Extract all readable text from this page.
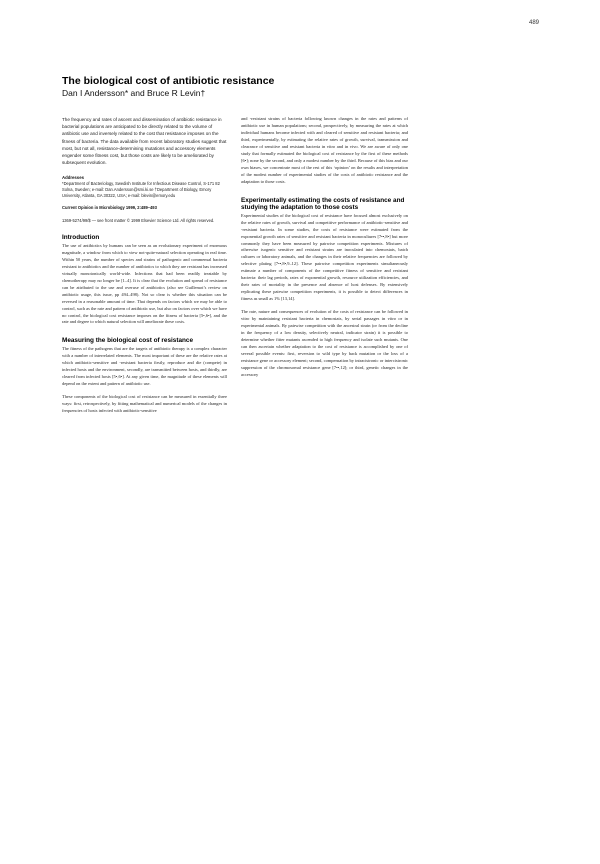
489
The biological cost of antibiotic resistance

Dan I Andersson* and Bruce R Levin†

The frequency and rates of ascent and dissemination of antibiotic resistance in bacterial populations are anticipated to be directly related to the volume of antibiotic use and inversely related to the cost that resistance imposes on the fitness of bacteria. The data available from recent laboratory studies suggest that most, but not all, resistance-determining mutations and accessory elements engender some fitness cost, but those costs are likely to be ameliorated by subsequent evolution.

Addresses

*Department of Bacteriology, Swedish Institute for Infectious Disease Control, S-171 82 Solna, Sweden; e-mail: Dan.Andersson@smi.ki.se †Department of Biology, Emory University, Atlanta, GA 30322, USA; e-mail: blevin@emory.edu

Current Opinion in Microbiology 1999, 2:489–493

1369-5274/99/$ — see front matter © 1999 Elsevier Science Ltd. All rights reserved.

Introduction

The use of antibiotics by humans can be seen as an evolutionary experiment of enormous magnitude, a window from which to view not-quite-natural selection operating in real time. Within 50 years, the number of species and strains of pathogenic and commensal bacteria resistant to antibiotics and the number of antibiotics to which they are resistant has increased virtually monotonically world-wide. Infections that had been readily treatable by chemotherapy may no longer be [1–4]. It is clear that the evolution and spread of resistance can be attributed to the use and overuse of antibiotics (also see Guillemot’s review on antibiotic usage, this issue, pp 494–498). Not so clear is whether this situation can be reversed in a reasonable amount of time. That depends on factors which we may be able to control, such as the rate and pattern of antibiotic use, but also on factors over which we have no control, the biological cost resistance imposes on the fitness of bacteria [5•,6•], and the rate and degree to which natural selection will ameliorate these costs.

Measuring the biological cost of resistance

The fitness of the pathogens that are the targets of antibiotic therapy is a complex character with a number of interrelated elements. The most important of these are the relative rates at which antibiotic-sensitive and -resistant bacteria firstly, reproduce and die (compete) in infected hosts and the environment, secondly, are transmitted between hosts, and thirdly, are cleared from infected hosts [5•,6•]. At any given time, the magnitude of these elements will depend on the extent and pattern of antibiotic use.

These components of the biological cost of resistance can be measured in essentially three ways: first, retrospectively, by fitting mathematical and numerical models of the changes in frequencies of hosts infected with antibiotic-sensitive

and -resistant strains of bacteria following known changes in the rates and patterns of antibiotic use in human populations; second, prospectively, by measuring the rates at which individual humans become infected with and cleared of sensitive and resistant bacteria; and third, experimentally, by estimating the relative rates of growth, survival, transmission and clearance of sensitive and resistant bacteria in vitro and in vivo. We are aware of only one study that formally estimated the biological cost of resistance by the first of these methods [6•]; none by the second, and only a modest number by the third. Because of this bias and our own biases, we concentrate most of the rest of this ‘opinion’ on the results and interpretation of the modest number of experimental studies of the costs of antibiotic resistance and the adaptation to those costs.

Experimentally estimating the costs of resistance and studying the adaptation to those costs

Experimental studies of the biological cost of resistance have focused almost exclusively on the relative rates of growth, survival and competitive performance of antibiotic-sensitive and -resistant bacteria. In some studies, the costs of resistance were estimated from the exponential growth rates of sensitive and resistant bacteria in monocultures [7••,8•] but more commonly they have been measured by pairwise competition experiments. Mixtures of otherwise isogenic sensitive and resistant strains are inoculated into chemostats, batch cultures or laboratory animals, and the changes in their relative frequencies are followed by selective plating [7••,8•,9–12]. These pairwise competition experiments simultaneously estimate a number of components of the competitive fitness of sensitive and resistant bacteria: their lag periods, rates of exponential growth, resource utilization efficiencies, and their rates of mortality in the presence and absence of host defenses. By extensively replicating these pairwise competition experiments, it is possible to detect differences in fitness as small as 1% [13,14].

The rate, nature and consequences of evolution of the costs of resistance can be followed in vitro by maintaining resistant bacteria in chemostats, by serial passages in vitro or in experimental animals. By pairwise competition with the ancestral strain (or from the decline in the frequency of a low density, selectively neutral, indicator strain) it is possible to determine whether fitter mutants ascended to high frequency and isolate such mutants. One can then ascertain whether adaptation to the cost of resistance is accomplished by one of several possible events: first, reversion to wild type by back mutation or the loss of a resistance gene or accessory element; second, compensation by intracistronic or intercistronic suppression of the chromosomal resistance gene [7••,12]; or third, genetic changes in the accessory
